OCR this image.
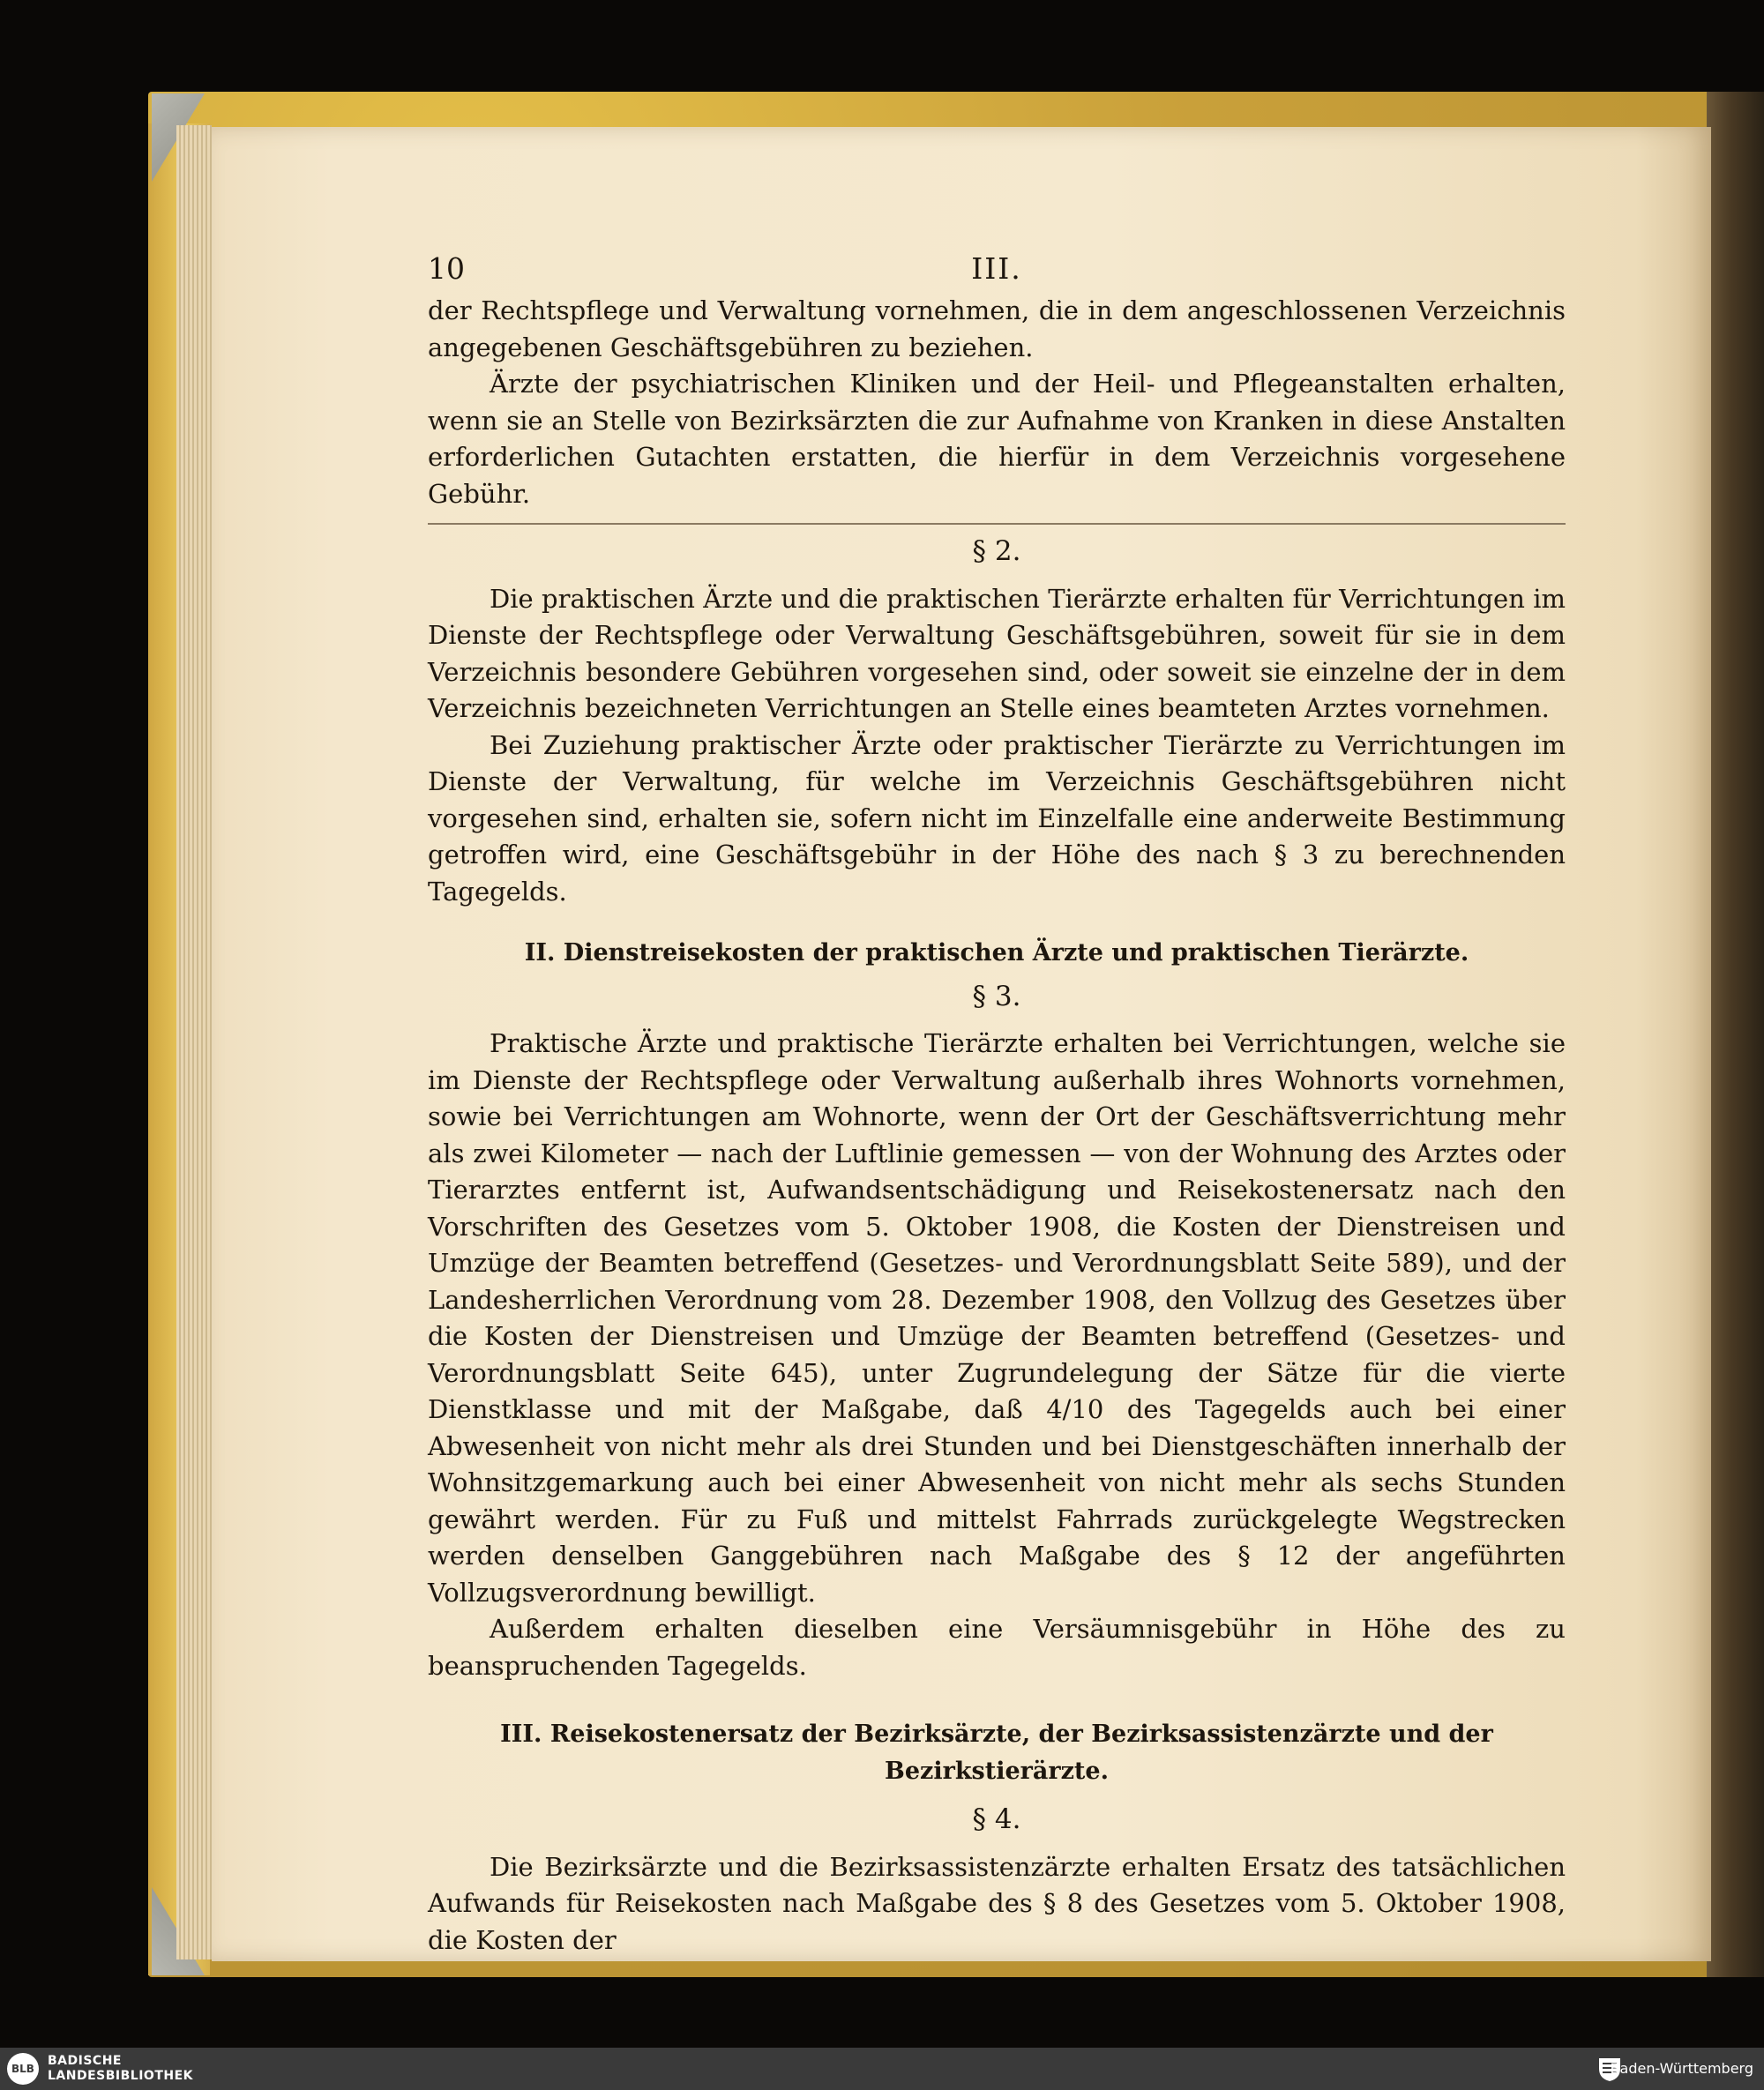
10	III.

der Rechtspflege und Verwaltung vornehmen, die in dem angeschlossenen Verzeichnis angegebenen Geschäftsgebühren zu beziehen.

Ärzte der psychiatrischen Kliniken und der Heil- und Pflegeanstalten erhalten, wenn sie an Stelle von Bezirksärzten die zur Aufnahme von Kranken in diese Anstalten erforderlichen Gutachten erstatten, die hierfür in dem Verzeichnis vorgesehene Gebühr.

§ 2.

Die praktischen Ärzte und die praktischen Tierärzte erhalten für Verrichtungen im Dienste der Rechtspflege oder Verwaltung Geschäftsgebühren, soweit für sie in dem Verzeichnis besondere Gebühren vorgesehen sind, oder soweit sie einzelne der in dem Verzeichnis bezeichneten Verrichtungen an Stelle eines beamteten Arztes vornehmen.

Bei Zuziehung praktischer Ärzte oder praktischer Tierärzte zu Verrichtungen im Dienste der Verwaltung, für welche im Verzeichnis Geschäftsgebühren nicht vorgesehen sind, erhalten sie, sofern nicht im Einzelfalle eine anderweite Bestimmung getroffen wird, eine Geschäftsgebühr in der Höhe des nach § 3 zu berechnenden Tagegelds.

II. Dienstreisekosten der praktischen Ärzte und praktischen Tierärzte.
§ 3.

Praktische Ärzte und praktische Tierärzte erhalten bei Verrichtungen, welche sie im Dienste der Rechtspflege oder Verwaltung außerhalb ihres Wohnorts vornehmen, sowie bei Verrichtungen am Wohnorte, wenn der Ort der Geschäftsverrichtung mehr als zwei Kilometer — nach der Luftlinie gemessen — von der Wohnung des Arztes oder Tierarztes entfernt ist, Aufwandsentschädigung und Reisekostenersatz nach den Vorschriften des Gesetzes vom 5. Oktober 1908, die Kosten der Dienstreisen und Umzüge der Beamten betreffend (Gesetzes- und Verordnungsblatt Seite 589), und der Landesherrlichen Verordnung vom 28. Dezember 1908, den Vollzug des Gesetzes über die Kosten der Dienstreisen und Umzüge der Beamten betreffend (Gesetzes- und Verordnungsblatt Seite 645), unter Zugrundelegung der Sätze für die vierte Dienstklasse und mit der Maßgabe, daß 4/10 des Tagegelds auch bei einer Abwesenheit von nicht mehr als drei Stunden und bei Dienstgeschäften innerhalb der Wohnsitzgemarkung auch bei einer Abwesenheit von nicht mehr als sechs Stunden gewährt werden. Für zu Fuß und mittelst Fahrrads zurückgelegte Wegstrecken werden denselben Ganggebühren nach Maßgabe des § 12 der angeführten Vollzugsverordnung bewilligt.

Außerdem erhalten dieselben eine Versäumnisgebühr in Höhe des zu beanspruchenden Tagegelds.

III. Reisekostenersatz der Bezirksärzte, der Bezirksassistenzärzte und der Bezirkstierärzte.
§ 4.

Die Bezirksärzte und die Bezirksassistenzärzte erhalten Ersatz des tatsächlichen Aufwands für Reisekosten nach Maßgabe des § 8 des Gesetzes vom 5. Oktober 1908, die Kosten der

BLB
BADISCHE
LANDESBIBLIOTHEK	Baden-Württemberg
